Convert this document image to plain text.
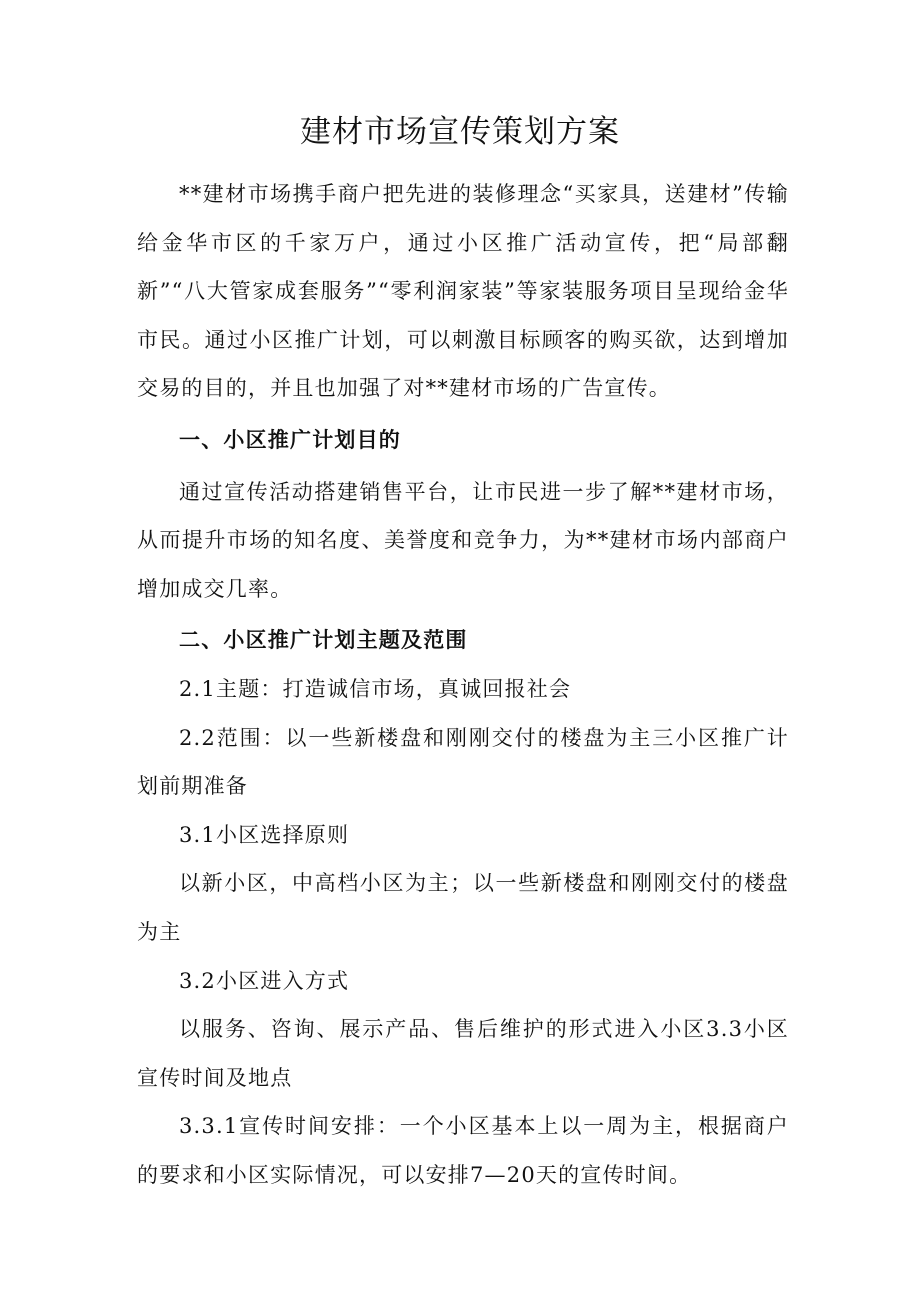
建材市场宣传策划方案

**建材市场携手商户把先进的装修理念“买家具，送建材”传输给金华市区的千家万户，通过小区推广活动宣传，把“局部翻新”“八大管家成套服务”“零利润家装”等家装服务项目呈现给金华市民。通过小区推广计划，可以刺激目标顾客的购买欲，达到增加交易的目的，并且也加强了对**建材市场的广告宣传。

一、小区推广计划目的

通过宣传活动搭建销售平台，让市民进一步了解**建材市场，从而提升市场的知名度、美誉度和竞争力，为**建材市场内部商户增加成交几率。

二、小区推广计划主题及范围

2.1主题：打造诚信市场，真诚回报社会

2.2范围：以一些新楼盘和刚刚交付的楼盘为主三小区推广计划前期准备

3.1小区选择原则

以新小区，中高档小区为主；以一些新楼盘和刚刚交付的楼盘为主

3.2小区进入方式

以服务、咨询、展示产品、售后维护的形式进入小区3.3小区宣传时间及地点

3.3.1宣传时间安排：一个小区基本上以一周为主，根据商户的要求和小区实际情况，可以安排7—20天的宣传时间。
